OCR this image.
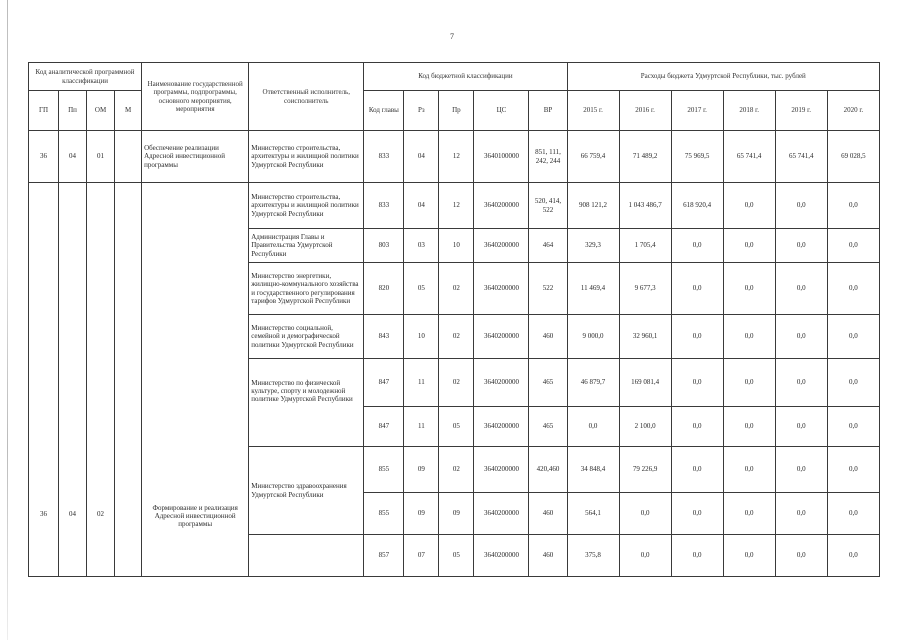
7
Код аналитической программной классификации				Наименование государственной программы, подпрограммы, основного мероприятия, мероприятия	Ответственный исполнитель, соисполнитель	Код бюджетной классификации					Расходы бюджета Удмуртской Республики, тыс. рублей					
ГП	Пп	ОМ	М			Код главы	Рз	Пр	ЦС	ВР	2015 г.	2016 г.	2017 г.	2018 г.	2019 г.	2020 г.
36	04	01		Обеспечение реализации Адресной инвестиционной программы	Министерство строительства, архитектуры и жилищной политики Удмуртской Республики	833	04	12	3640100000	851, 111, 242, 244	66 759,4	71 489,2	75 969,5	65 741,4	65 741,4	69 028,5
36	04	02		Формирование и реализация Адресной инвестиционной программы	Министерство строительства, архитектуры и жилищной политики Удмуртской Республики	833	04	12	3640200000	520, 414, 522	908 121,2	1 043 486,7	618 920,4	0,0	0,0	0,0
					Администрация Главы и Правительства Удмуртской Республики	803	03	10	3640200000	464	329,3	1 705,4	0,0	0,0	0,0	0,0
					Министерство энергетики, жилищно-коммунального хозяйства и государственного регулирования тарифов Удмуртской Республики	820	05	02	3640200000	522	11 469,4	9 677,3	0,0	0,0	0,0	0,0
					Министерство социальной, семейной и демографической политики Удмуртской Республики	843	10	02	3640200000	460	9 000,0	32 960,1	0,0	0,0	0,0	0,0
					Министерство по физической культуре, спорту и молодежной политике Удмуртской Республики	847	11	02	3640200000	465	46 879,7	169 081,4	0,0	0,0	0,0	0,0
						847	11	05	3640200000	465	0,0	2 100,0	0,0	0,0	0,0	0,0
					Министерство здравоохранения Удмуртской Республики	855	09	02	3640200000	420,460	34 848,4	79 226,9	0,0	0,0	0,0	0,0
						855	09	09	3640200000	460	564,1	0,0	0,0	0,0	0,0	0,0
						857	07	05	3640200000	460	375,8	0,0	0,0	0,0	0,0	0,0
